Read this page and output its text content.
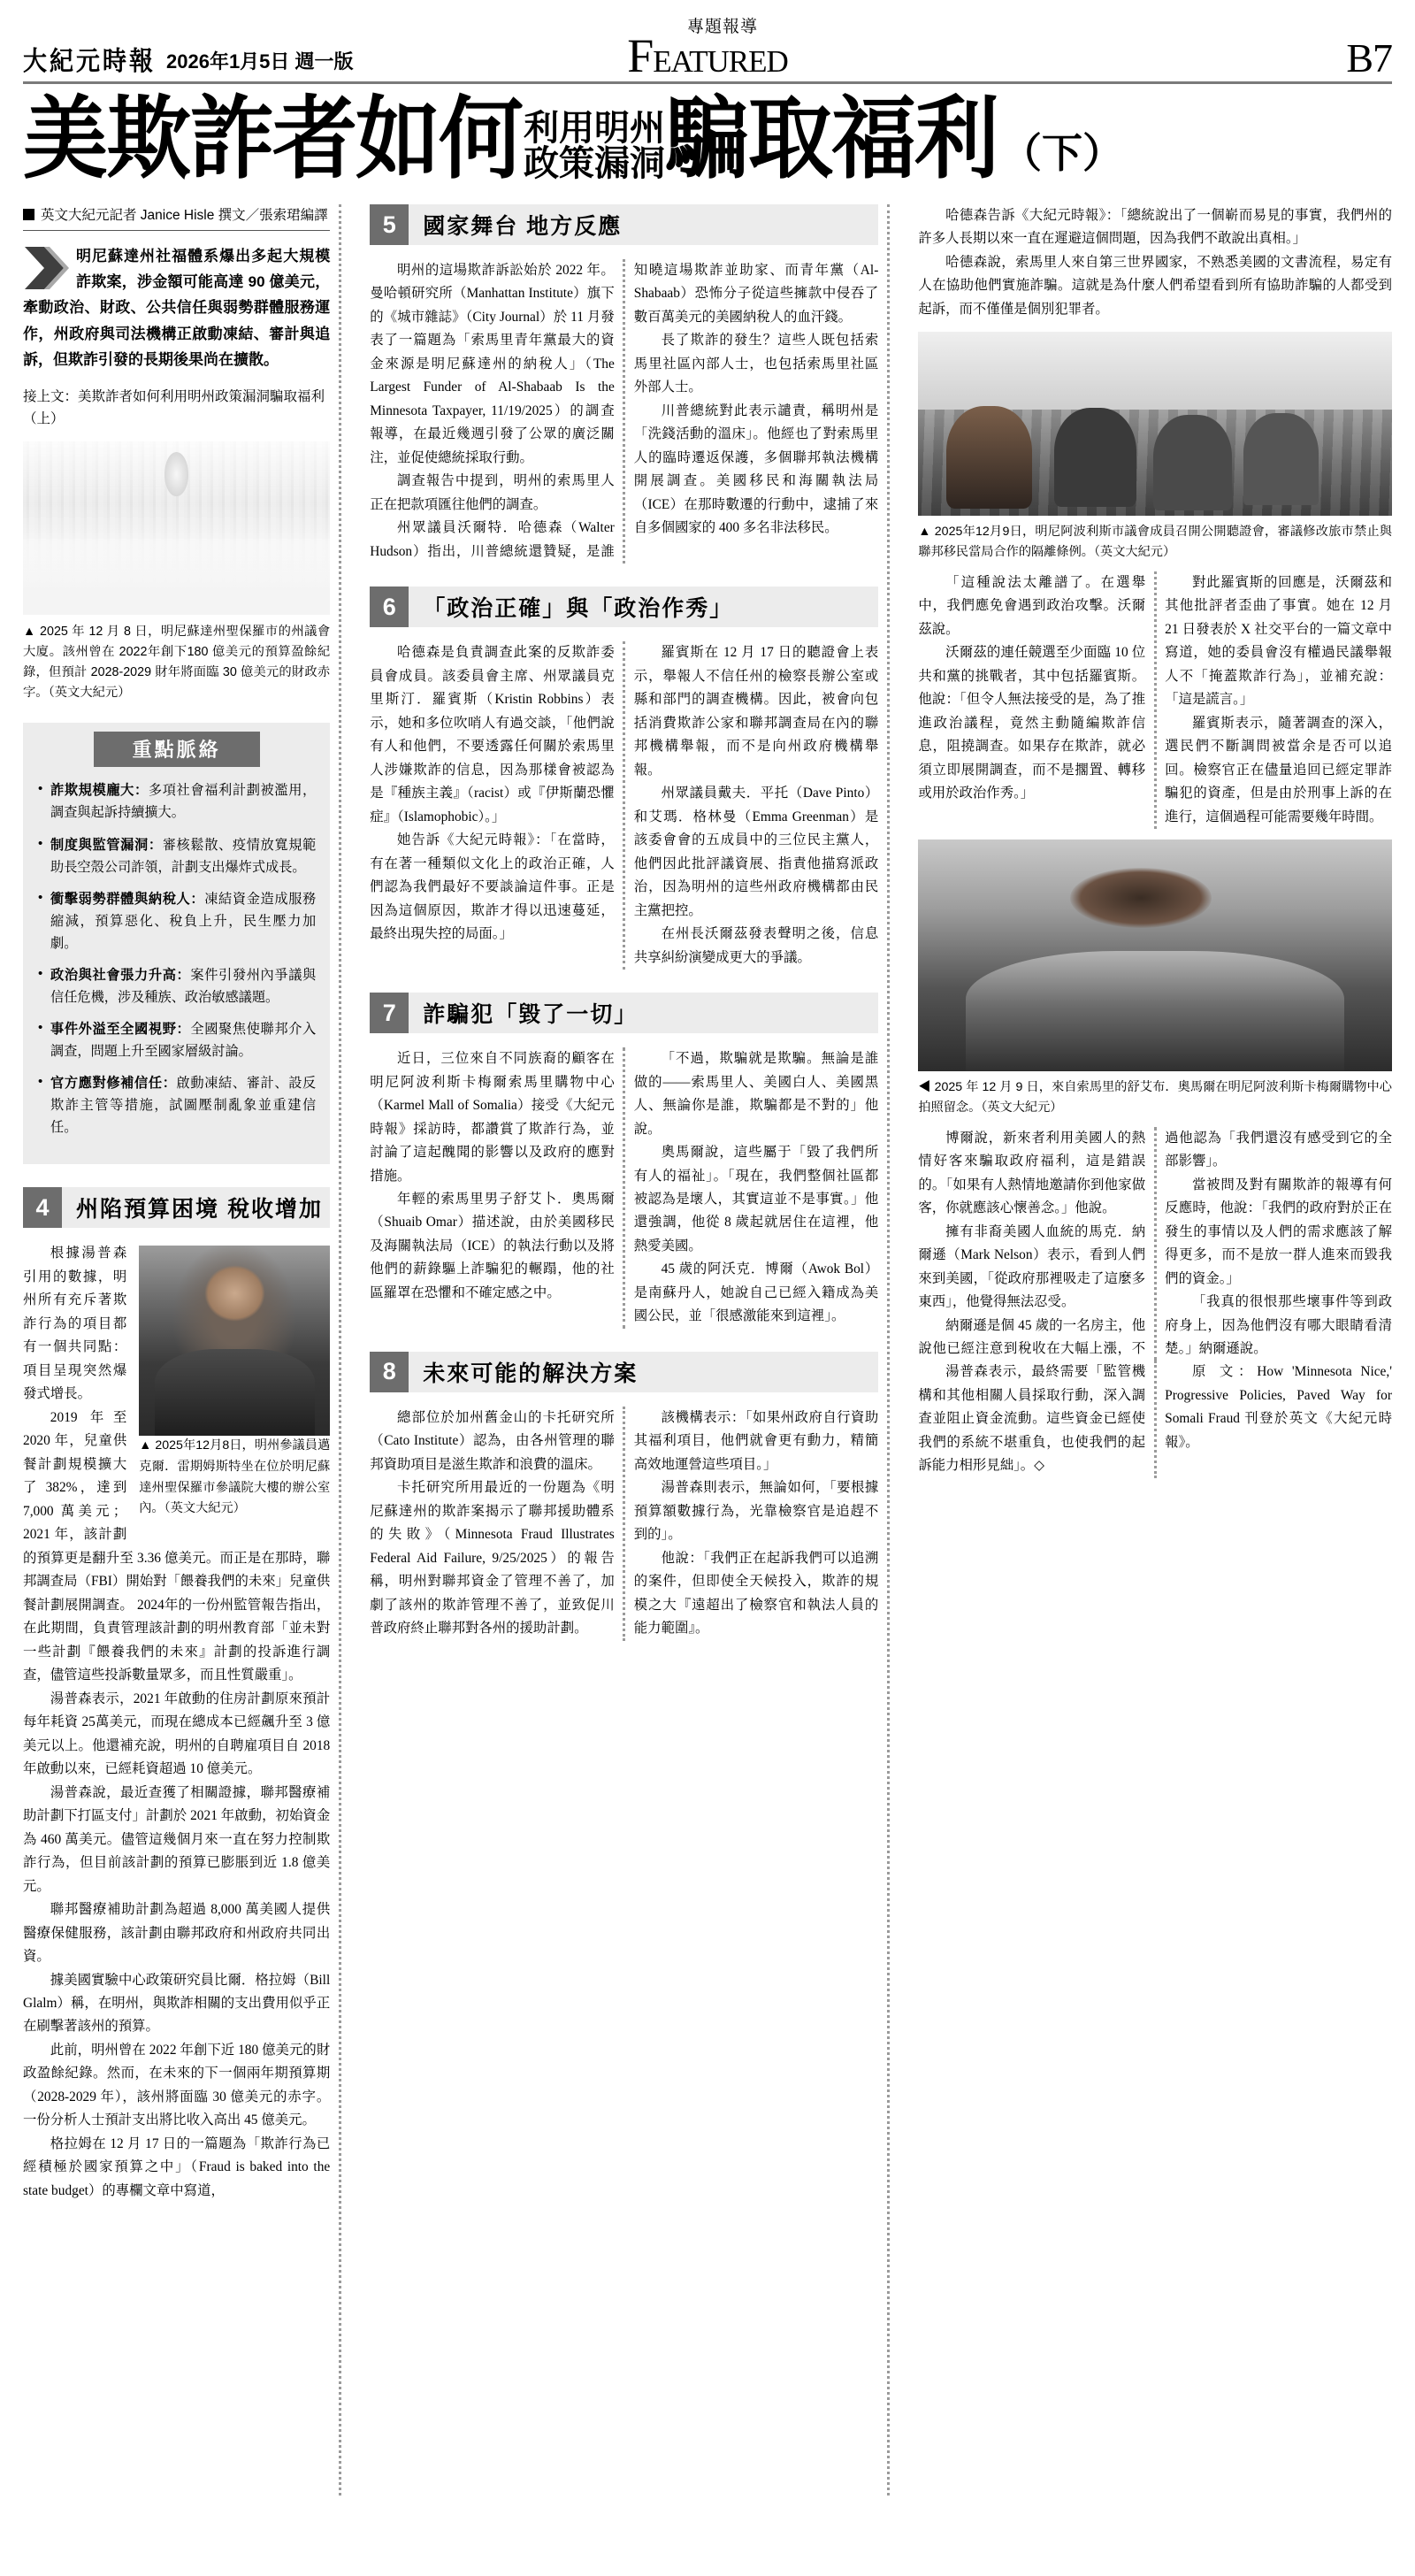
大紀元時報 2026年1月5日 週一版
專題報導
FEATURED	B7
美欺詐者如何 利用明州
政策漏洞 騙取福利 （下）
英文大紀元記者 Janice Hisle 撰文／張索珺編譯
明尼蘇達州社福體系爆出多起大規模詐欺案，涉金額可能高達 90 億美元，牽動政治、財政、公共信任與弱勢群體服務運作，州政府與司法機構正啟動凍結、審計與追訴，但欺詐引發的長期後果尚在擴散。
接上文：美欺詐者如何利用明州政策漏洞騙取福利（上）
▲ 2025 年 12 月 8 日，明尼蘇達州聖保羅市的州議會大廈。該州曾在 2022年創下180 億美元的預算盈餘紀錄，但預計 2028-2029 財年將面臨 30 億美元的財政赤字。（英文大紀元）
重點脈絡
• 詐欺規模龐大：多項社會福利計劃被濫用，調查與起訴持續擴大。
• 制度與監管漏洞：審核鬆散、疫情放寬規範助長空殼公司詐領，計劃支出爆炸式成長。
• 衝擊弱勢群體與納稅人：凍結資金造成服務縮減，預算惡化、稅負上升，民生壓力加劇。
• 政治與社會張力升高：案件引發州內爭議與信任危機，涉及種族、政治敏感議題。
• 事件外溢至全國視野：全國聚焦使聯邦介入調查，問題上升至國家層級討論。
• 官方應對修補信任：啟動凍結、審計、設反欺詐主管等措施，試圖壓制亂象並重建信任。
4	州陷預算困境 稅收增加
▲ 2025年12月8日，明州參議員邁克爾．雷期姆斯特坐在位於明尼蘇達州聖保羅市參議院大樓的辦公室內。（英文大紀元）

根據湯普森引用的數據，明州所有充斥著欺詐行為的項目都有一個共同點：項目呈現突然爆發式增長。

2019 年至 2020 年，兒童供餐計劃規模擴大了 382%，達到 7,000 萬美元；2021 年，該計劃的預算更是翻升至 3.36 億美元。而正是在那時，聯邦調查局（FBI）開始對「餵養我們的未來」兒童供餐計劃展開調查。 2024年的一份州監管報告指出，在此期間，負責管理該計劃的明州教育部「並未對一些計劃『餵養我們的未來』計劃的投訴進行調查，儘管這些投訴數量眾多，而且性質嚴重」。

湯普森表示，2021 年啟動的住房計劃原來預計每年耗資 25萬美元，而現在總成本已經飆升至 3 億美元以上。他還補充說，明州的自聘雇項目自 2018 年啟動以來，已經耗資超過 10 億美元。

湯普森說，最近查獲了相關證據，聯邦醫療補助計劃下打區支付」計劃於 2021 年啟動，初始資金為 460 萬美元。儘管這幾個月來一直在努力控制欺詐行為，但目前該計劃的預算已膨脹到近 1.8 億美元。

聯邦醫療補助計劃為超過 8,000 萬美國人提供醫療保健服務，該計劃由聯邦政府和州政府共同出資。

據美國實驗中心政策研究員比爾．格拉姆（Bill Glalm）稱，在明州，與欺詐相關的支出費用似乎正在刷擊著該州的預算。

此前，明州曾在 2022 年創下近 180 億美元的財政盈餘紀錄。然而，在未來的下一個兩年期預算期（2028-2029 年），該州將面臨 30 億美元的赤字。一份分析人士預計支出將比收入高出 45 億美元。

格拉姆在 12 月 17 日的一篇題為「欺詐行為已經積極於國家預算之中」（Fraud is baked into the state budget）的專欄文章中寫道，

5	國家舞台 地方反應

明州的這場欺詐訴訟始於 2022 年。曼哈頓研究所（Manhattan Institute）旗下的《城市雜誌》（City Journal）於 11 月發表了一篇題為「索馬里青年黨最大的資金來源是明尼蘇達州的納稅人」（The Largest Funder of Al-Shabaab Is the Minnesota Taxpayer, 11/19/2025）的調查報導，在最近幾週引發了公眾的廣泛關注，並促使總統採取行動。

調查報告中提到，明州的索馬里人正在把款項匯往他們的調查。

州眾議員沃爾特．哈德森（Walter Hudson）指出，川普總統還贊疑，是誰知曉這場欺詐並助家、而青年黨（Al-Shabaab）恐怖分子從這些擁款中侵吞了數百萬美元的美國納稅人的血汗錢。

長了欺詐的發生？這些人既包括索馬里社區內部人士，也包括索馬里社區外部人士。

川普總統對此表示譴責，稱明州是「洗錢活動的溫床」。他經也了對索馬里人的臨時遷返保護，多個聯邦執法機構開展調查。美國移民和海關執法局（ICE）在那時數遷的行動中，逮捕了來自多個國家的 400 多名非法移民。

6	「政治正確」與「政治作秀」

哈德森是負責調查此案的反欺詐委員會成員。該委員會主席、州眾議員克里斯汀．羅賓斯（Kristin Robbins）表示，她和多位吹哨人有過交談，「他們說有人和他們，不要透露任何關於索馬里人涉嫌欺詐的信息，因為那樣會被認為是『種族主義』（racist）或『伊斯蘭恐懼症』（Islamophobic）。」

她告訴《大紀元時報》：「在當時，有在著一種類似文化上的政治正確，人們認為我們最好不要談論這件事。正是因為這個原因，欺詐才得以迅速蔓延，最終出現失控的局面。」

羅賓斯在 12 月 17 日的聽證會上表示，舉報人不信任州的檢察長辦公室或縣和部門的調查機構。因此，被會向包括消費欺詐公家和聯邦調查局在內的聯邦機構舉報，而不是向州政府機構舉報。

州眾議員戴夫．平托（Dave Pinto）和艾瑪．格林曼（Emma Greenman）是該委會會的五成員中的三位民主黨人，他們因此批評議資展、指責他描寫派政治，因為明州的這些州政府機構都由民主黨把控。

在州長沃爾茲發表聲明之後，信息共享糾紛演變成更大的爭議。

7	詐騙犯「毀了一切」

近日，三位來自不同族裔的顧客在明尼阿波利斯卡梅爾索馬里購物中心（Karmel Mall of Somalia）接受《大紀元時報》採訪時，都讚賞了欺詐行為，並討論了這起醜聞的影響以及政府的應對措施。

年輕的索馬里男子舒艾卜．奧馬爾（Shuaib Omar）描述說，由於美國移民及海關執法局（ICE）的執法行動以及將他們的薪錄驅上詐騙犯的輾蹋，他的社區羅罩在恐懼和不確定感之中。

「不過，欺騙就是欺騙。無論是誰做的——索馬里人、美國白人、美國黑人、無論你是誰，欺騙都是不對的」他說。

奧馬爾說，這些屬于「毀了我們所有人的福祉」。「現在，我們整個社區都被認為是壞人，其實這並不是事實。」他還強調，他從 8 歲起就居住在這裡，他熱愛美國。

45 歲的阿沃克．博爾（Awok Bol）是南蘇丹人，她說自己已經入籍成為美國公民，並「很感激能來到這裡」。

8	未來可能的解決方案

總部位於加州舊金山的卡托研究所（Cato Institute）認為，由各州管理的聯邦資助項目是滋生欺詐和浪費的溫床。

卡托研究所用最近的一份題為《明尼蘇達州的欺詐案揭示了聯邦援助體系的失敗》（Minnesota Fraud Illustrates Federal Aid Failure, 9/25/2025）的報告稱，明州對聯邦資金了管理不善了，加劇了該州的欺詐管理不善了，並致促川普政府終止聯邦對各州的援助計劃。

該機構表示：「如果州政府自行資助其福利項目，他們就會更有動力，精簡高效地運營這些項目。」

湯普森則表示，無論如何，「要根據預算額數據行為，光靠檢察官是追趕不到的」。

他說：「我們正在起訴我們可以追溯的案件，但即使全天候投入，欺詐的規模之大『遠超出了檢察官和執法人員的能力範圍』。

哈德森告訴《大紀元時報》：「總統說出了一個嶄而易見的事實，我們州的許多人長期以來一直在遲避這個問題，因為我們不敢說出真相。」

哈德森說，索馬里人來自第三世界國家，不熟悉美國的文書流程，易定有人在協助他們實施詐騙。這就是為什麼人們希望看到所有協助詐騙的人都受到起訴，而不僅僅是個別犯罪者。

▲ 2025年12月9日，明尼阿波利斯市議會成員召開公開聽證會，審議修改旅市禁止與聯邦移民當局合作的隔離條例。（英文大紀元）

「這種說法太離譜了。在選舉中，我們應免會遇到政治攻擊。沃爾茲說。

沃爾茲的連任競選至少面臨 10 位共和黨的挑戰者，其中包括羅賓斯。他說：「但令人無法接受的是，為了推進政治議程，竟然主動隨編欺詐信息，阻撓調查。如果存在欺詐，就必須立即展開調查，而不是擱置、轉移或用於政治作秀。」

對此羅賓斯的回應是，沃爾茲和其他批評者歪曲了事實。她在 12 月 21 日發表於 X 社交平台的一篇文章中寫道，她的委員會沒有權過民議舉報人不「掩蓋欺詐行為」，並補充說：「這是謊言。」

羅賓斯表示，隨著調查的深入，選民們不斷調問被當余是否可以追回。檢察官正在儘量追回已經定罪詐騙犯的資產，但是由於刑事上訴的在進行，這個過程可能需要幾年時間。

◀ 2025 年 12 月 9 日，來自索馬里的舒艾布．奧馬爾在明尼阿波利斯卡梅爾購物中心拍照留念。（英文大紀元）

博爾說，新來者利用美國人的熱情好客來騙取政府福利，這是錯誤的。「如果有人熱情地邀請你到他家做客，你就應該心懷善念。」他說。

擁有非裔美國人血統的馬克．納爾遜（Mark Nelson）表示，看到人們來到美國，「從政府那裡吸走了這麼多東西」，他覺得無法忍受。

納爾遜是個 45 歲的一名房主，他說他已經注意到稅收在大幅上漲，不過他認為「我們還沒有感受到它的全部影響」。

當被問及對有關欺詐的報導有何反應時，他說：「我們的政府對於正在發生的事情以及人們的需求應該了解得更多，而不是放一群人進來而毀我們的資金。」

「我真的很恨那些壞事件等到政府身上，因為他們沒有哪大眼睛看清楚。」納爾遜說。

湯普森表示，最終需要「監管機構和其他相關人員採取行動，深入調查並阻止資金流動。這些資金已經使我們的系統不堪重負，也使我們的起訴能力相形見絀」。◇

原 文：How 'Minnesota Nice,' Progressive Policies, Paved Way for Somali Fraud 刊登於英文《大紀元時報》。
